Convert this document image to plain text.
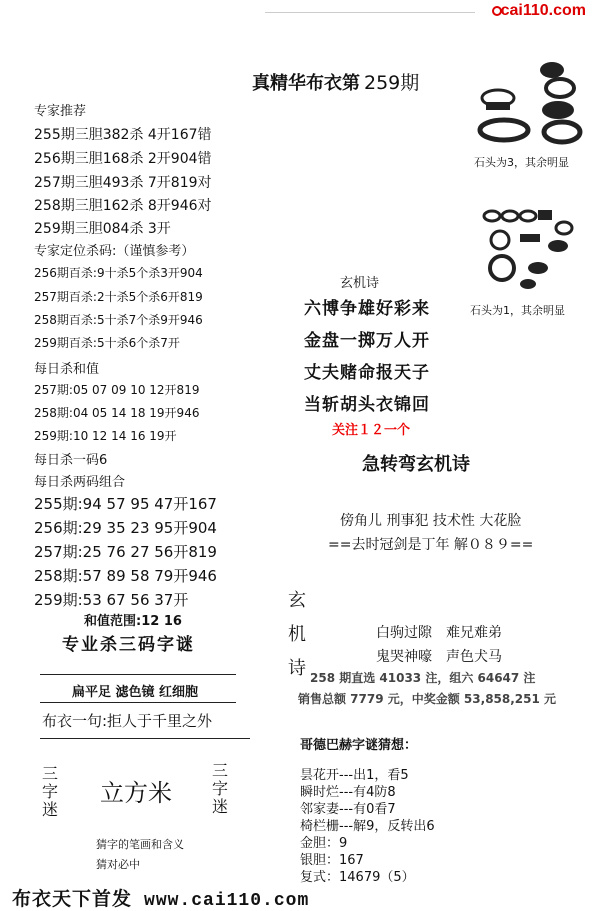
cai110.com
真精华布衣第 259期
专家推荐
255期三胆382杀 4开167错
256期三胆168杀 2开904错
257期三胆493杀 7开819对
258期三胆162杀 8开946对
259期三胆084杀 3开
专家定位杀码:（谨慎参考）
256期百杀:9十杀5个杀3开904
257期百杀:2十杀5个杀6开819
258期百杀:5十杀7个杀9开946
259期百杀:5十杀6个杀7开
每日杀和值
257期:05 07 09 10 12开819
258期:04 05 14 18 19开946
259期:10 12 14 16 19开
每日杀一码6
每日杀两码组合
255期:94 57 95 47开167
256期:29 35 23 95开904
257期:25 76 27 56开819
258期:57 89 58 79开946
259期:53 67 56 37开
和值范围:12 16
专业杀三码字谜
扁平足 滤色镜 红细胞
布衣一句:拒人于千里之外
三字迷
立方米
三字迷
猜字的笔画和含义
猜对必中
石头为3，其余明显
石头为1，其余明显
玄机诗
六博争雄好彩来
金盘一掷万人开
丈夫赌命报天子
当斩胡头衣锦回
关注１２一个
急转弯玄机诗
傍角儿 刑事犯 技术性 大花脸
==去时冠剑是丁年 解０８９==
玄
机
诗
白驹过隙　难兄难弟
鬼哭神嚎　声色犬马
258 期直选 41033 注，组六 64647 注
销售总额 7779 元，中奖金额 53,858,251 元
哥德巴赫字谜猜想：
昙花开---出1，看5
瞬时烂---有4防8
邻家妻---有0看7
椅栏栅---解9，反转出6
金胆：9
银胆：167
复式：14679（5）
布衣天下首发 www.cai110.com
